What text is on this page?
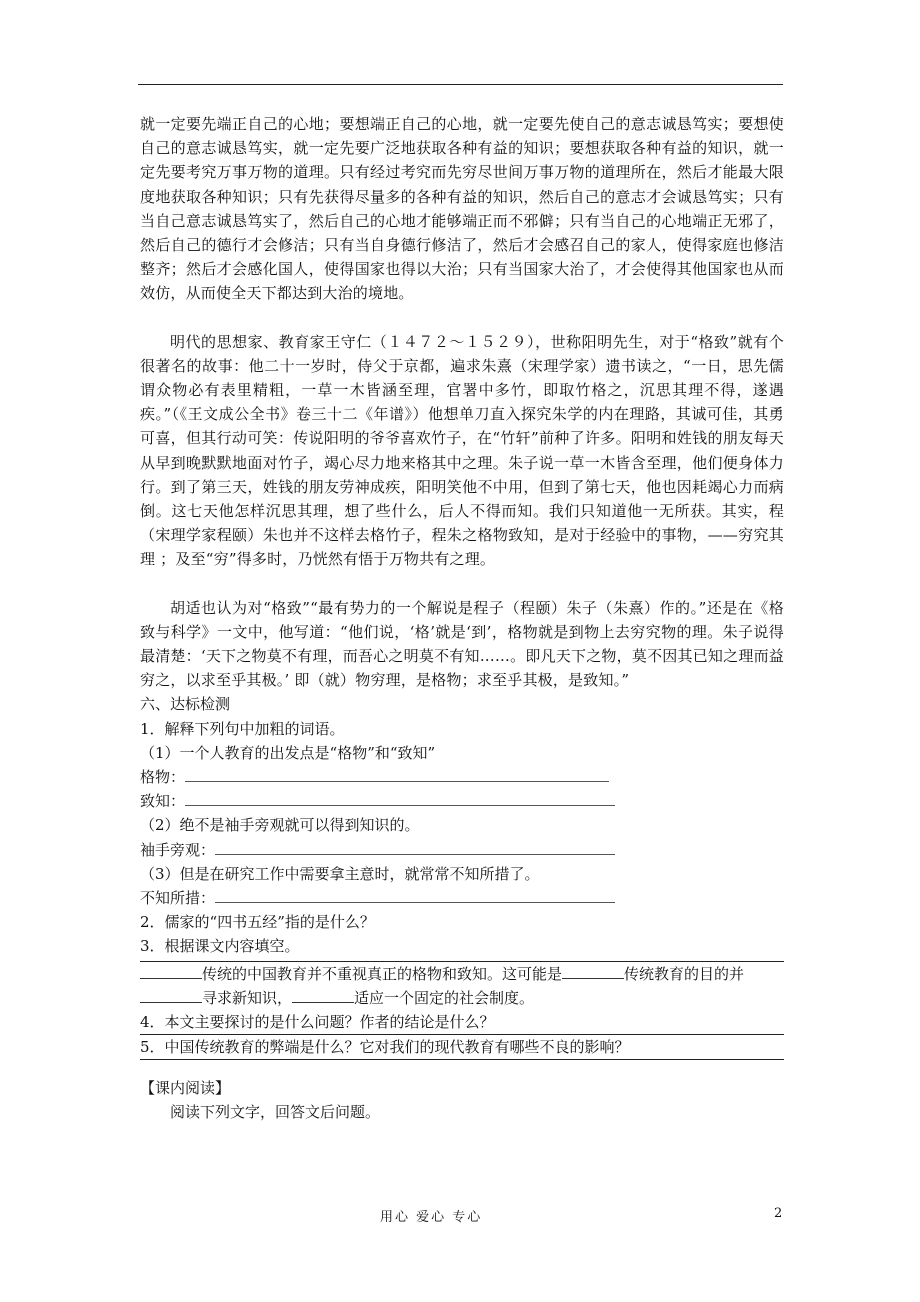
就一定要先端正自己的心地；要想端正自己的心地，就一定要先使自己的意志诚恳笃实；要想使自己的意志诚恳笃实，就一定先要广泛地获取各种有益的知识；要想获取各种有益的知识，就一定先要考究万事万物的道理。只有经过考究而先穷尽世间万事万物的道理所在，然后才能最大限度地获取各种知识；只有先获得尽量多的各种有益的知识，然后自己的意志才会诚恳笃实；只有当自己意志诚恳笃实了，然后自己的心地才能够端正而不邪僻；只有当自己的心地端正无邪了，然后自己的德行才会修洁；只有当自身德行修洁了，然后才会感召自己的家人，使得家庭也修洁整齐；然后才会感化国人，使得国家也得以大治；只有当国家大治了，才会使得其他国家也从而效仿，从而使全天下都达到大治的境地。

明代的思想家、教育家王守仁（１４７２～１５２９），世称阳明先生，对于“格致”就有个很著名的故事：他二十一岁时，侍父于京都，遍求朱熹（宋理学家）遗书读之，“一日，思先儒谓众物必有表里精粗，一草一木皆涵至理，官署中多竹，即取竹格之，沉思其理不得，遂遇疾。”（《王文成公全书》卷三十二《年谱》）他想单刀直入探究朱学的内在理路，其诚可佳，其勇可喜，但其行动可笑：传说阳明的爷爷喜欢竹子，在“竹轩”前种了许多。阳明和姓钱的朋友每天从早到晚默默地面对竹子，竭心尽力地来格其中之理。朱子说一草一木皆含至理，他们便身体力行。到了第三天，姓钱的朋友劳神成疾，阳明笑他不中用，但到了第七天，他也因耗竭心力而病倒。这七天他怎样沉思其理，想了些什么，后人不得而知。我们只知道他一无所获。其实，程（宋理学家程颐）朱也并不这样去格竹子，程朱之格物致知，是对于经验中的事物，——穷究其理 ；及至“穷”得多时，乃恍然有悟于万物共有之理。

胡适也认为对“格致”“最有势力的一个解说是程子（程颐）朱子（朱熹）作的。”还是在《格致与科学》一文中，他写道：“他们说，‘格’就是‘到’，格物就是到物上去穷究物的理。朱子说得最清楚：‘天下之物莫不有理，而吾心之明莫不有知……。即凡天下之物，莫不因其已知之理而益穷之，以求至乎其极。’ 即（就）物穷理，是格物；求至乎其极，是致知。”

六、达标检测
1．解释下列句中加粗的词语。
（1）一个人教育的出发点是“格物”和“致知”
格物：
致知：
（2）绝不是袖手旁观就可以得到知识的。
袖手旁观：
（3）但是在研究工作中需要拿主意时，就常常不知所措了。
不知所措：
2．儒家的“四书五经”指的是什么？
3．根据课文内容填空。
传统的中国教育并不重视真正的格物和致知。这可能是	传统教育的目的并
寻求新知识，	适应一个固定的社会制度。
4．本文主要探讨的是什么问题？作者的结论是什么？
5．中国传统教育的弊端是什么？它对我们的现代教育有哪些不良的影响？
【课内阅读】
阅读下列文字，回答文后问题。
用心 爱心 专心	2
